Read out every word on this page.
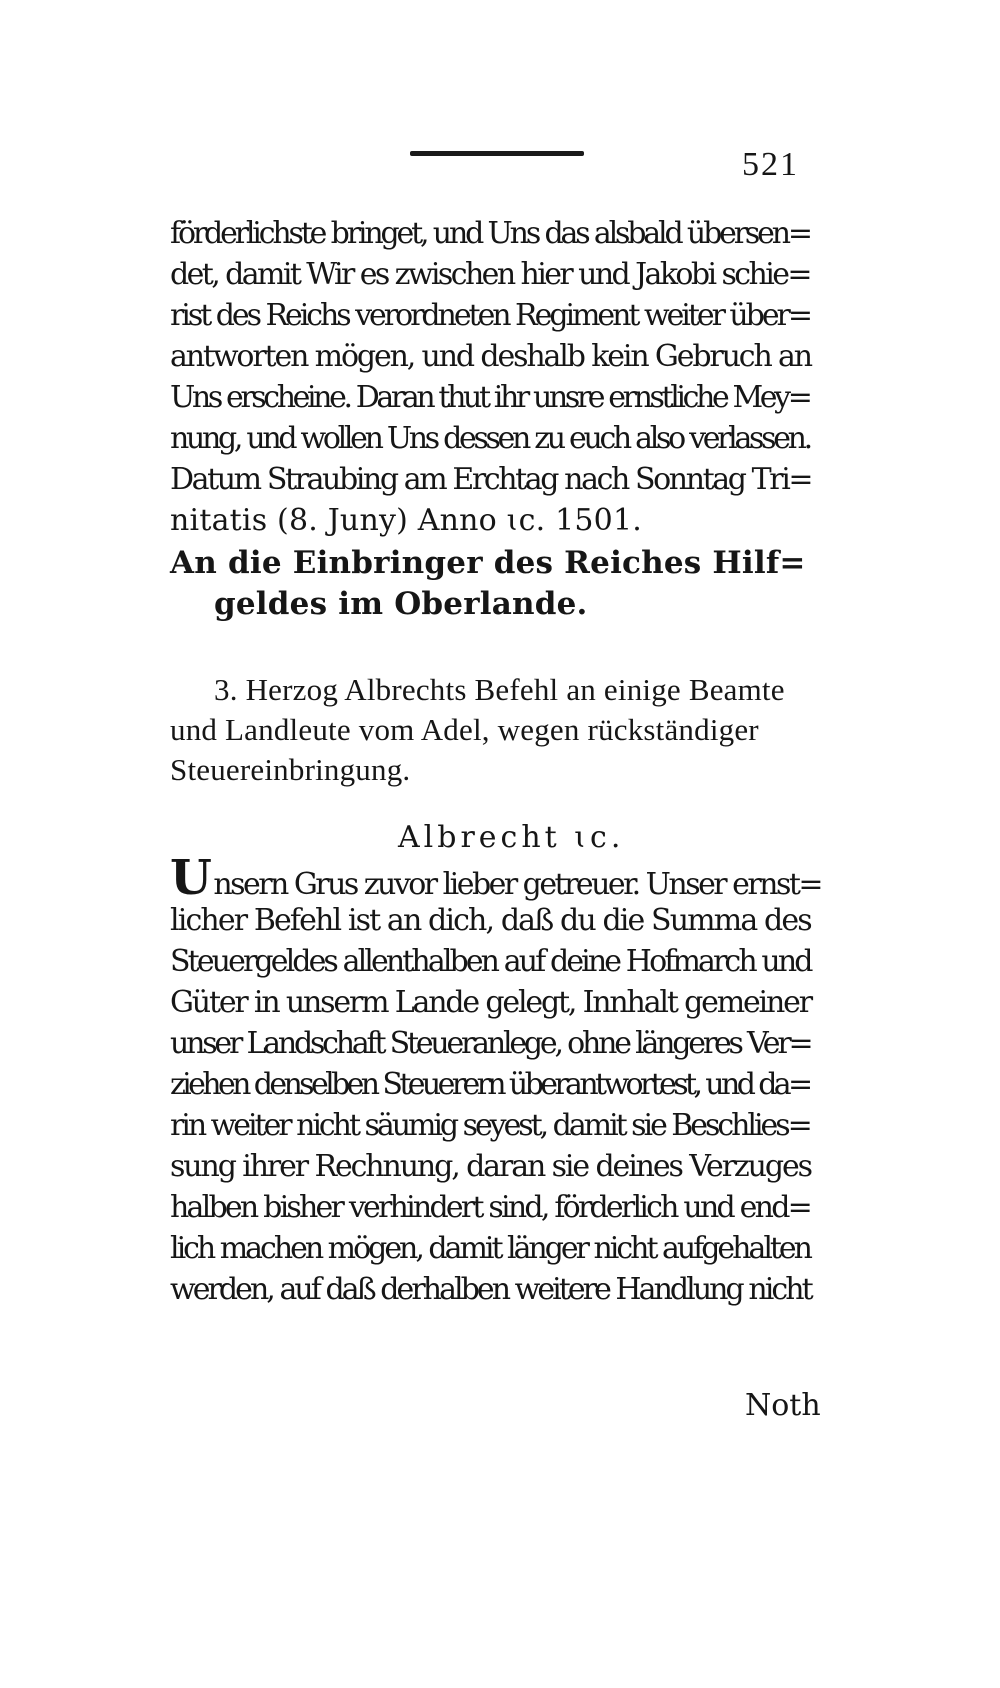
521
förderlichste bringet, und Uns das alsbald übersen=
det, damit Wir es zwischen hier und Jakobi schie=
rist des Reichs verordneten Regiment weiter über=
antworten mögen, und deshalb kein Gebruch an
Uns erscheine. Daran thut ihr unsre ernstliche Mey=
nung, und wollen Uns dessen zu euch also verlassen.
Datum Straubing am Erchtag nach Sonntag Tri=
nitatis (8. Juny) Anno ɩc. 1501.
An die Einbringer des Reiches Hilf=
geldes im Oberlande.
3. Herzog Albrechts Befehl an einige Beamte
und Landleute vom Adel, wegen rückständiger
Steuereinbringung.
Albrecht ɩc.
Unsern Grus zuvor lieber getreuer. Unser ernst=
licher Befehl ist an dich, daß du die Summa des
Steuergeldes allenthalben auf deine Hofmarch und
Güter in unserm Lande gelegt, Innhalt gemeiner
unser Landschaft Steueranlege, ohne längeres Ver=
ziehen denselben Steuerern überantwortest, und da=
rin weiter nicht säumig seyest, damit sie Beschlies=
sung ihrer Rechnung, daran sie deines Verzuges
halben bisher verhindert sind, förderlich und end=
lich machen mögen, damit länger nicht aufgehalten
werden, auf daß derhalben weitere Handlung nicht
Noth
